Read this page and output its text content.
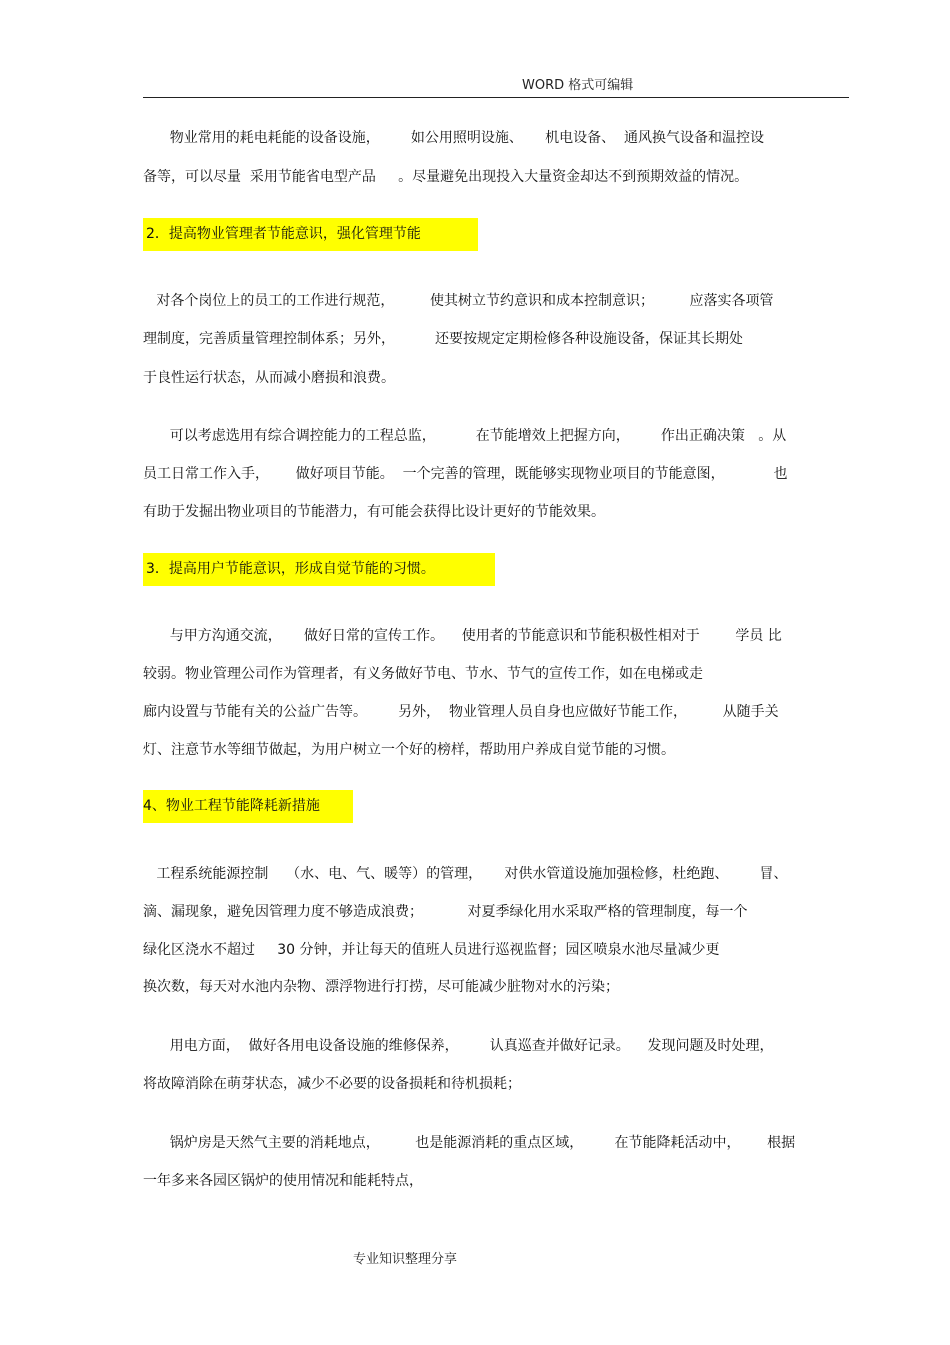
WORD 格式可编辑
物业常用的耗电耗能的设备设施，       如公用照明设施、     机电设备、  通风换气设备和温控设
备等，可以尽量  采用节能省电型产品     。尽量避免出现投入大量资金却达不到预期效益的情况。
2．提高物业管理者节能意识，强化管理节能
对各个岗位上的员工的工作进行规范，        使其树立节约意识和成本控制意识；        应落实各项管
理制度，完善质量管理控制体系；另外，         还要按规定定期检修各种设施设备，保证其长期处
于良性运行状态，从而减小磨损和浪费。
可以考虑选用有综合调控能力的工程总监，         在节能增效上把握方向，       作出正确决策   。从
员工日常工作入手，      做好项目节能。  一个完善的管理，既能够实现物业项目的节能意图，           也
有助于发掘出物业项目的节能潜力，有可能会获得比设计更好的节能效果。
3．提高用户节能意识，形成自觉节能的习惯。
与甲方沟通交流，     做好日常的宣传工作。    使用者的节能意识和节能积极性相对于        学员 比
较弱。物业管理公司作为管理者，有义务做好节电、节水、节气的宣传工作，如在电梯或走
廊内设置与节能有关的公益广告等。       另外，  物业管理人员自身也应做好节能工作，        从随手关
灯、注意节水等细节做起，为用户树立一个好的榜样，帮助用户养成自觉节能的习惯。
4、物业工程节能降耗新措施
工程系统能源控制    （水、电、气、暖等）的管理，     对供水管道设施加强检修，杜绝跑、       冒、
滴、漏现象，避免因管理力度不够造成浪费；          对夏季绿化用水采取严格的管理制度，每一个
绿化区浇水不超过     30 分钟，并让每天的值班人员进行巡视监督；园区喷泉水池尽量减少更
换次数，每天对水池内杂物、漂浮物进行打捞，尽可能减少脏物对水的污染；
用电方面，  做好各用电设备设施的维修保养，       认真巡查并做好记录。    发现问题及时处理，
将故障消除在萌芽状态，减少不必要的设备损耗和待机损耗；
锅炉房是天然气主要的消耗地点，        也是能源消耗的重点区域，       在节能降耗活动中，      根据
一年多来各园区锅炉的使用情况和能耗特点，
专业知识整理分享
